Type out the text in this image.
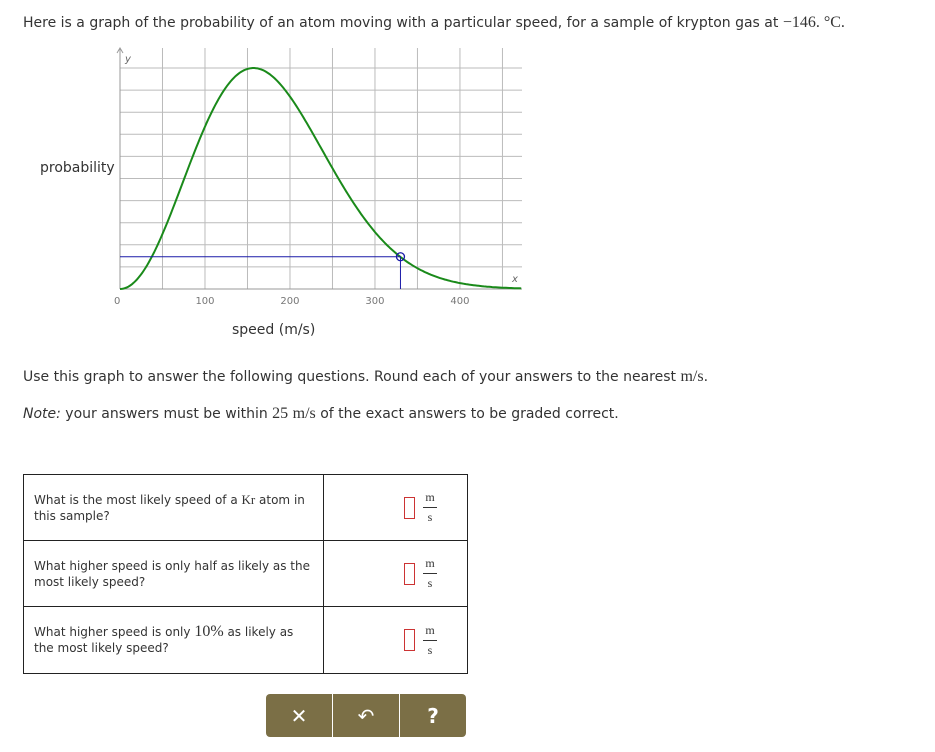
Here is a graph of the probability of an atom moving with a particular speed, for a sample of krypton gas at −146. °C.
y
x
0	100	200	300	400
probability
speed (m/s)
Use this graph to answer the following questions. Round each of your answers to the nearest m/s.
Note: your answers must be within 25 m/s of the exact answers to be graded correct.
What is the most likely speed of a Kr atom in this sample?	$\frac{m}{s}$
What higher speed is only half as likely as the most likely speed?	$\frac{m}{s}$
What higher speed is only 10% as likely as the most likely speed?	$\frac{m}{s}$
✕	↶	?
